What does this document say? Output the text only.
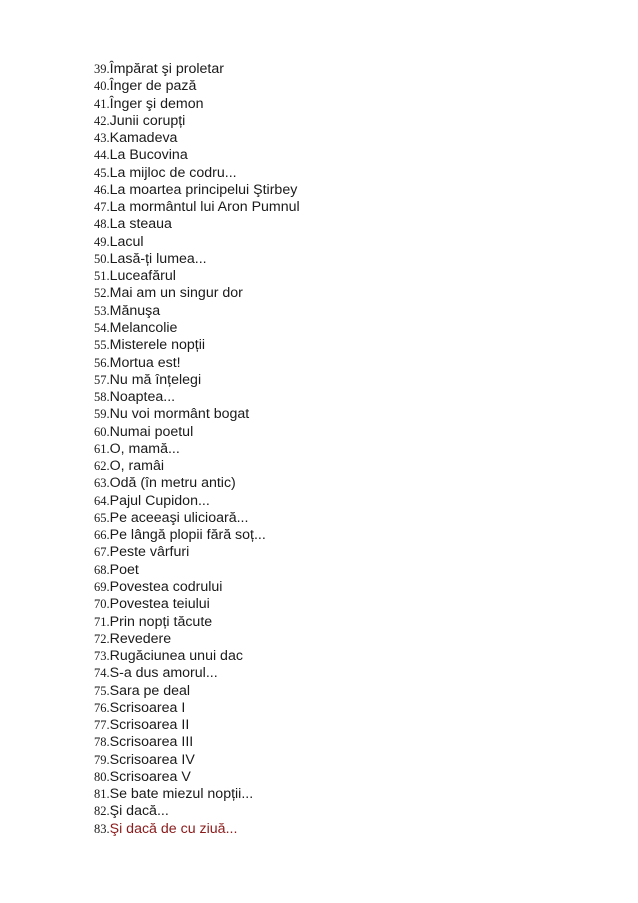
39.Împărat şi proletar
40.Înger de pază
41.Înger şi demon
42.Junii corupți
43.Kamadeva
44.La Bucovina
45.La mijloc de codru...
46.La moartea principelui Ştirbey
47.La mormântul lui Aron Pumnul
48.La steaua
49.Lacul
50.Lasă-ți lumea...
51.Luceafărul
52.Mai am un singur dor
53.Mănuşa
54.Melancolie
55.Misterele nopții
56.Mortua est!
57.Nu mă înțelegi
58.Noaptea...
59.Nu voi mormânt bogat
60.Numai poetul
61.O, mamă...
62.O, ramâi
63.Odă (în metru antic)
64.Pajul Cupidon...
65.Pe aceeaşi ulicioară...
66.Pe lângă plopii fără soț...
67.Peste vârfuri
68.Poet
69.Povestea codrului
70.Povestea teiului
71.Prin nopți tăcute
72.Revedere
73.Rugăciunea unui dac
74.S-a dus amorul...
75.Sara pe deal
76.Scrisoarea I
77.Scrisoarea II
78.Scrisoarea III
79.Scrisoarea IV
80.Scrisoarea V
81.Se bate miezul nopții...
82.Şi dacă...
83.Şi dacă de cu ziuă...
